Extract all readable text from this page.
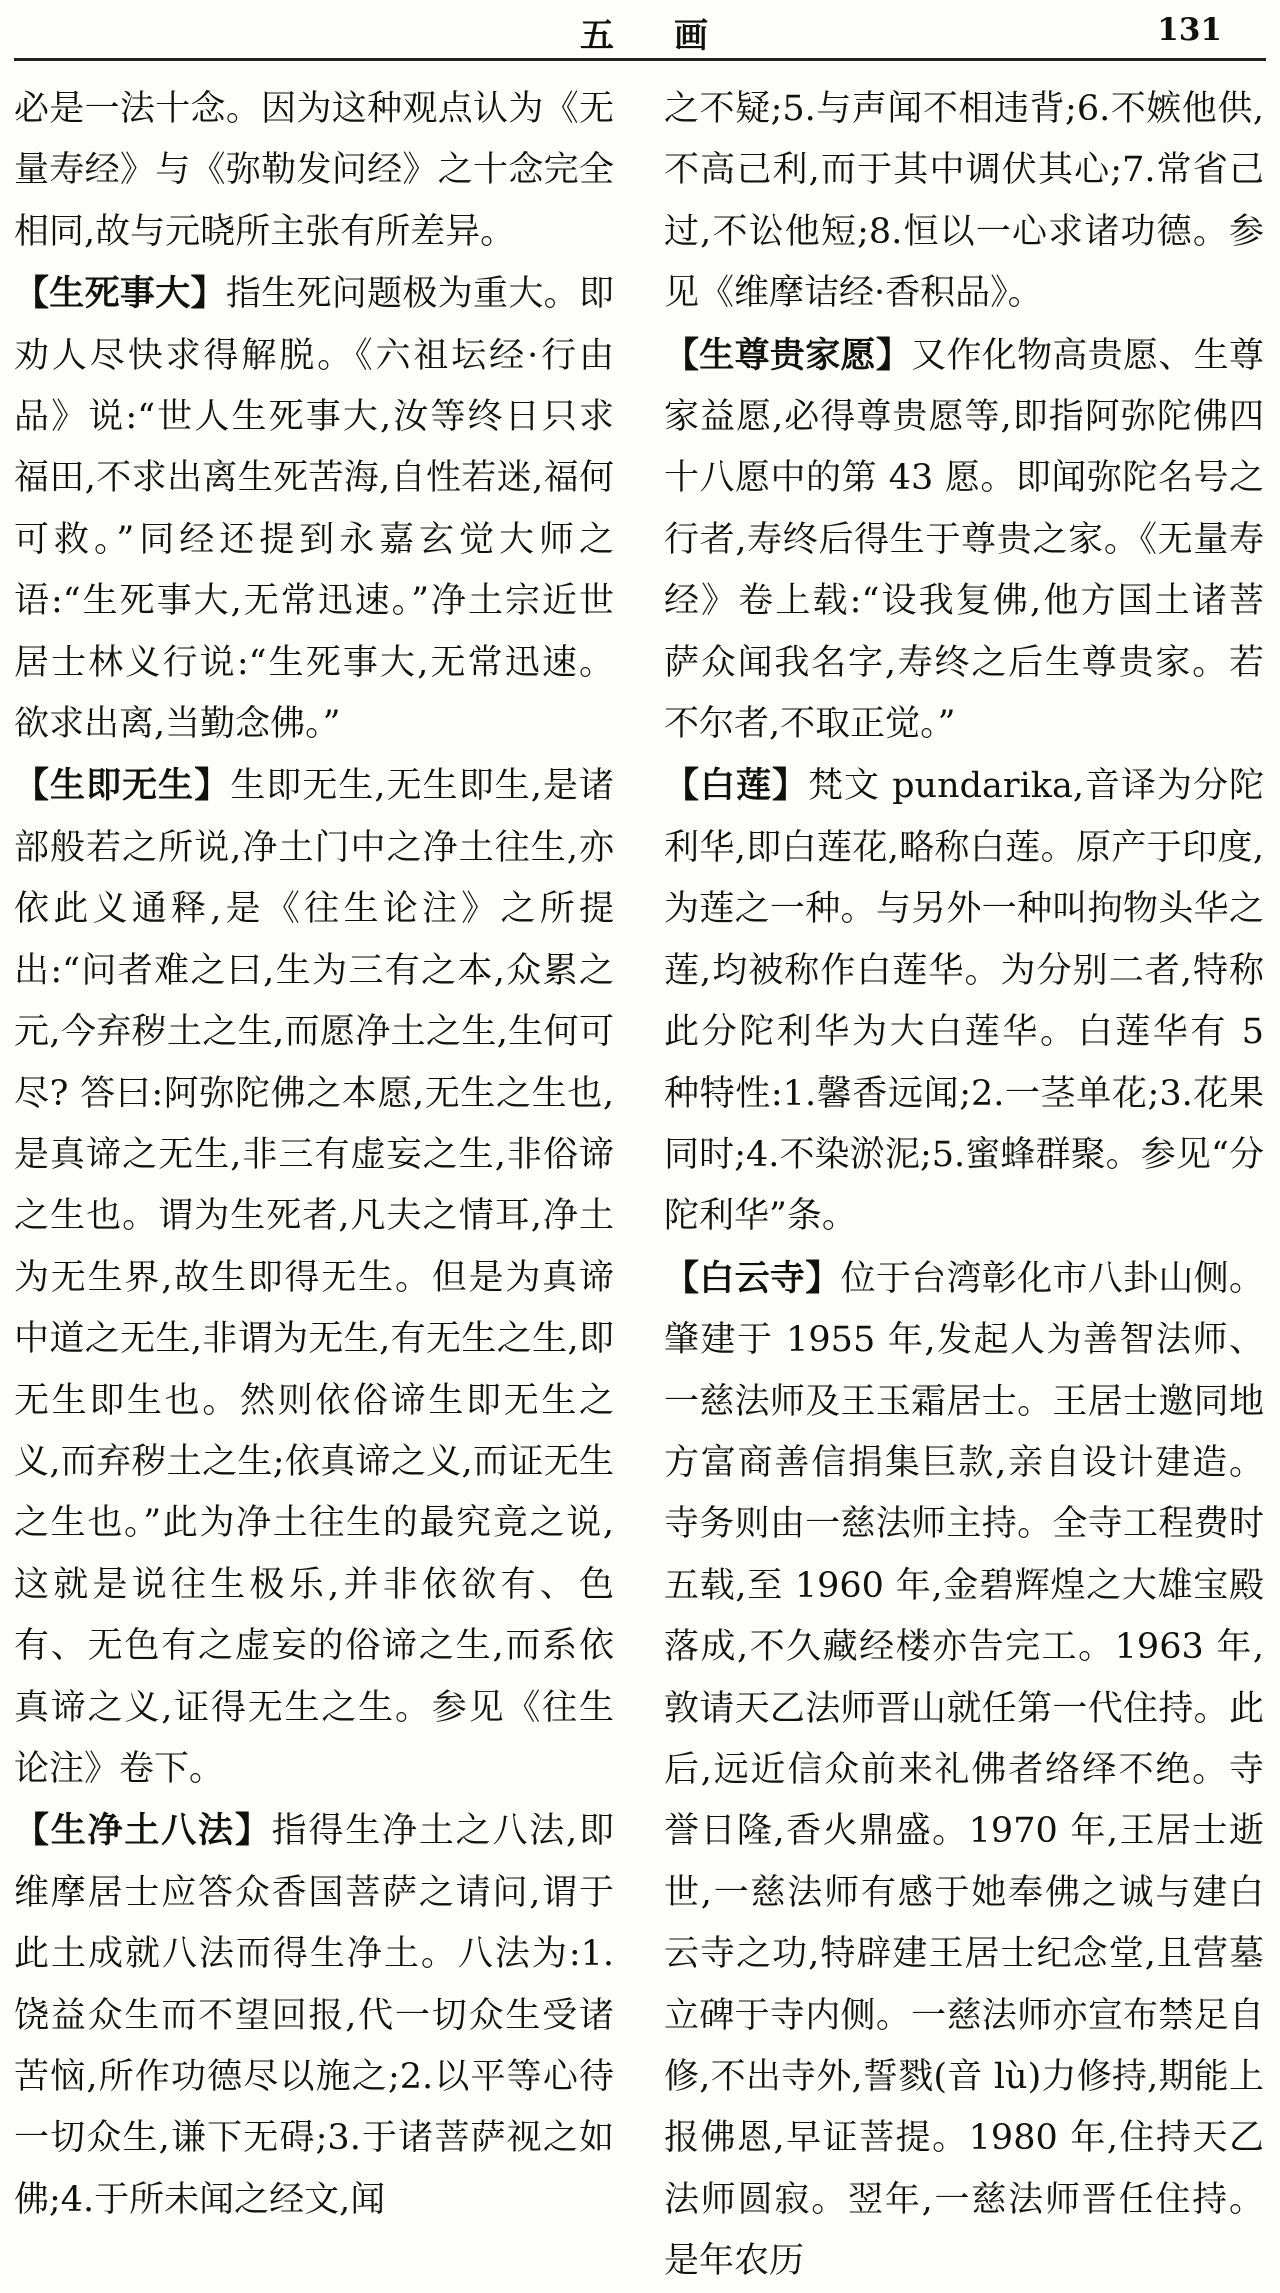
五画	131

必是一法十念。因为这种观点认为《无量寿经》与《弥勒发问经》之十念完全相同,故与元晓所主张有所差异。

【生死事大】指生死问题极为重大。即劝人尽快求得解脱。《六祖坛经·行由品》说:“世人生死事大,汝等终日只求福田,不求出离生死苦海,自性若迷,福何可救。”同经还提到永嘉玄觉大师之语:“生死事大,无常迅速。”净土宗近世居士林义行说:“生死事大,无常迅速。欲求出离,当勤念佛。”

【生即无生】生即无生,无生即生,是诸部般若之所说,净土门中之净土往生,亦依此义通释,是《往生论注》之所提出:“问者难之曰,生为三有之本,众累之元,今弃秽土之生,而愿净土之生,生何可尽? 答曰:阿弥陀佛之本愿,无生之生也,是真谛之无生,非三有虚妄之生,非俗谛之生也。谓为生死者,凡夫之情耳,净土为无生界,故生即得无生。但是为真谛中道之无生,非谓为无生,有无生之生,即无生即生也。然则依俗谛生即无生之义,而弃秽土之生;依真谛之义,而证无生之生也。”此为净土往生的最究竟之说,这就是说往生极乐,并非依欲有、色有、无色有之虚妄的俗谛之生,而系依真谛之义,证得无生之生。参见《往生论注》卷下。

【生净土八法】指得生净土之八法,即维摩居士应答众香国菩萨之请问,谓于此土成就八法而得生净土。八法为:1.饶益众生而不望回报,代一切众生受诸苦恼,所作功德尽以施之;2.以平等心待一切众生,谦下无碍;3.于诸菩萨视之如佛;4.于所未闻之经文,闻

之不疑;5.与声闻不相违背;6.不嫉他供,不高己利,而于其中调伏其心;7.常省己过,不讼他短;8.恒以一心求诸功德。参见《维摩诘经·香积品》。

【生尊贵家愿】又作化物高贵愿、生尊家益愿,必得尊贵愿等,即指阿弥陀佛四十八愿中的第 43 愿。即闻弥陀名号之行者,寿终后得生于尊贵之家。《无量寿经》卷上载:“设我复佛,他方国土诸菩萨众闻我名字,寿终之后生尊贵家。若不尔者,不取正觉。”

【白莲】梵文 pundarika,音译为分陀利华,即白莲花,略称白莲。原产于印度,为莲之一种。与另外一种叫拘物头华之莲,均被称作白莲华。为分别二者,特称此分陀利华为大白莲华。白莲华有 5 种特性:1.馨香远闻;2.一茎单花;3.花果同时;4.不染淤泥;5.蜜蜂群聚。参见“分陀利华”条。

【白云寺】位于台湾彰化市八卦山侧。肇建于 1955 年,发起人为善智法师、一慈法师及王玉霜居士。王居士邀同地方富商善信捐集巨款,亲自设计建造。寺务则由一慈法师主持。全寺工程费时五载,至 1960 年,金碧辉煌之大雄宝殿落成,不久藏经楼亦告完工。1963 年,敦请天乙法师晋山就任第一代住持。此后,远近信众前来礼佛者络绎不绝。寺誉日隆,香火鼎盛。1970 年,王居士逝世,一慈法师有感于她奉佛之诚与建白云寺之功,特辟建王居士纪念堂,且营墓立碑于寺内侧。一慈法师亦宣布禁足自修,不出寺外,誓戮(音 lù)力修持,期能上报佛恩,早证菩提。1980 年,住持天乙法师圆寂。翌年,一慈法师晋任住持。是年农历
